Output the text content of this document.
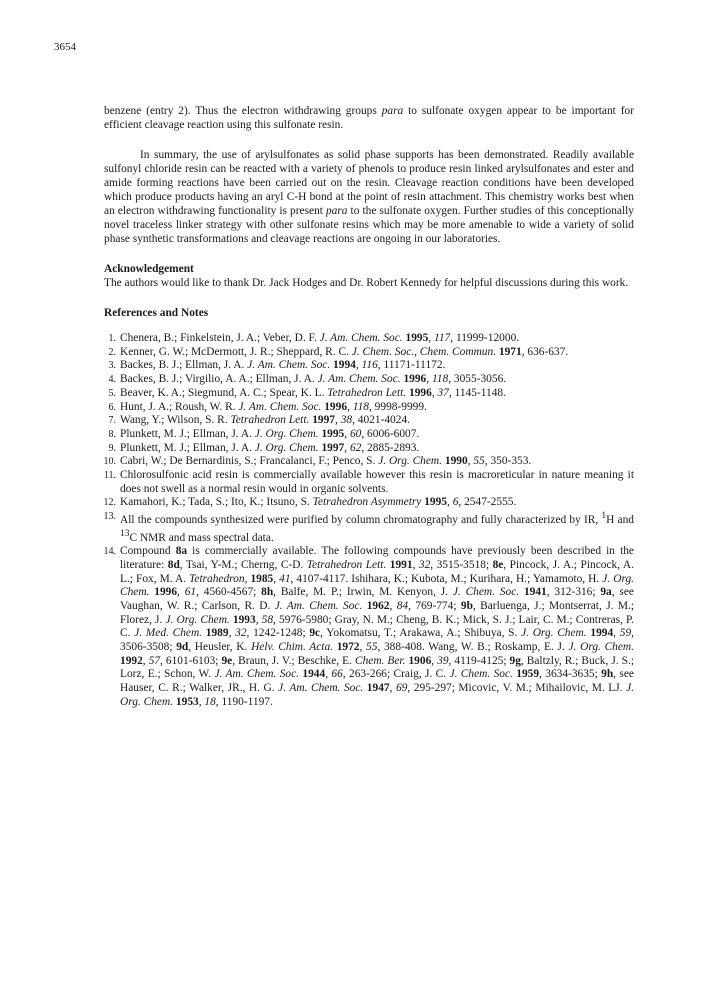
3654

benzene (entry 2). Thus the electron withdrawing groups para to sulfonate oxygen appear to be important for efficient cleavage reaction using this sulfonate resin.

In summary, the use of arylsulfonates as solid phase supports has been demonstrated. Readily available sulfonyl chloride resin can be reacted with a variety of phenols to produce resin linked arylsulfonates and ester and amide forming reactions have been carried out on the resin. Cleavage reaction conditions have been developed which produce products having an aryl C-H bond at the point of resin attachment. This chemistry works best when an electron withdrawing functionality is present para to the sulfonate oxygen. Further studies of this conceptionally novel traceless linker strategy with other sulfonate resins which may be more amenable to wide a variety of solid phase synthetic transformations and cleavage reactions are ongoing in our laboratories.

Acknowledgement

The authors would like to thank Dr. Jack Hodges and Dr. Robert Kennedy for helpful discussions during this work.

References and Notes
1 . Chenera, B.; Finkelstein, J. A.; Veber, D. F. J. Am. Chem. Soc. 1995, 117, 11999-12000.
2 . Kenner, G. W.; McDermott, J. R.; Sheppard, R. C. J. Chem. Soc., Chem. Commun. 1971, 636-637.
3 . Backes, B. J.; Ellman, J. A. J. Am. Chem. Soc. 1994, 116, 11171-11172.
4 . Backes, B. J.; Virgilio, A. A.; Ellman, J. A. J. Am. Chem. Soc. 1996, 118, 3055-3056.
5 . Beaver, K. A.; Siegmund, A. C.; Spear, K. L. Tetrahedron Lett. 1996, 37, 1145-1148.
6 . Hunt, J. A.; Roush, W. R. J. Am. Chem. Soc. 1996, 118, 9998-9999.
7 . Wang, Y.; Wilson, S. R. Tetrahedron Lett. 1997, 38, 4021-4024.
8 . Plunkett, M. J.; Ellman, J. A. J. Org. Chem. 1995, 60, 6006-6007.
9 . Plunkett, M. J.; Ellman, J. A. J. Org. Chem. 1997, 62, 2885-2893.
10 . Cabri, W.; De Bernardinis, S.; Francalanci, F.; Penco, S. J. Org. Chem. 1990, 55, 350-353.
11 . Chlorosulfonic acid resin is commercially available however this resin is macroreticular in nature meaning it does not swell as a normal resin would in organic solvents.
12 . Kamahori, K.; Tada, S.; Ito, K.; Itsuno, S. Tetrahedron Asymmetry 1995, 6, 2547-2555.
13 . All the compounds synthesized were purified by column chromatography and fully characterized by IR, $^1$H and $^{13}$C NMR and mass spectral data.
14 . Compound 8a is commercially available. The following compounds have previously been described in the literature: 8d, Tsai, Y-M.; Cherng, C-D. Tetrahedron Lett. 1991, 32, 3515-3518; 8e, Pincock, J. A.; Pincock, A. L.; Fox, M. A. Tetrahedron, 1985, 41, 4107-4117. Ishihara, K.; Kubota, M.; Kurihara, H.; Yamamoto, H. J. Org. Chem. 1996, 61, 4560-4567; 8h, Balfe, M. P.; Irwin, M. Kenyon, J. J. Chem. Soc. 1941, 312-316; 9a, see Vaughan, W. R.; Carlson, R. D. J. Am. Chem. Soc. 1962, 84, 769-774; 9b, Barluenga, J.; Montserrat, J. M.; Florez, J. J. Org. Chem. 1993, 58, 5976-5980; Gray, N. M.; Cheng, B. K.; Mick, S. J.; Lair, C. M.; Contreras, P. C. J. Med. Chem. 1989, 32, 1242-1248; 9c, Yokomatsu, T.; Arakawa, A.; Shibuya, S. J. Org. Chem. 1994, 59, 3506-3508; 9d, Heusler, K. Helv. Chim. Acta. 1972, 55, 388-408. Wang, W. B.; Roskamp, E. J. J. Org. Chem. 1992, 57, 6101-6103; 9e, Braun, J. V.; Beschke, E. Chem. Ber. 1906, 39, 4119-4125; 9g, Baltzly, R.; Buck, J. S.; Lorz, E.; Schon, W. J. Am. Chem. Soc. 1944, 66, 263-266; Craig, J. C. J. Chem. Soc. 1959, 3634-3635; 9h, see Hauser, C. R.; Walker, JR., H. G. J. Am. Chem. Soc. 1947, 69, 295-297; Micovic, V. M.; Mihailovic, M. LJ. J. Org. Chem. 1953, 18, 1190-1197.
